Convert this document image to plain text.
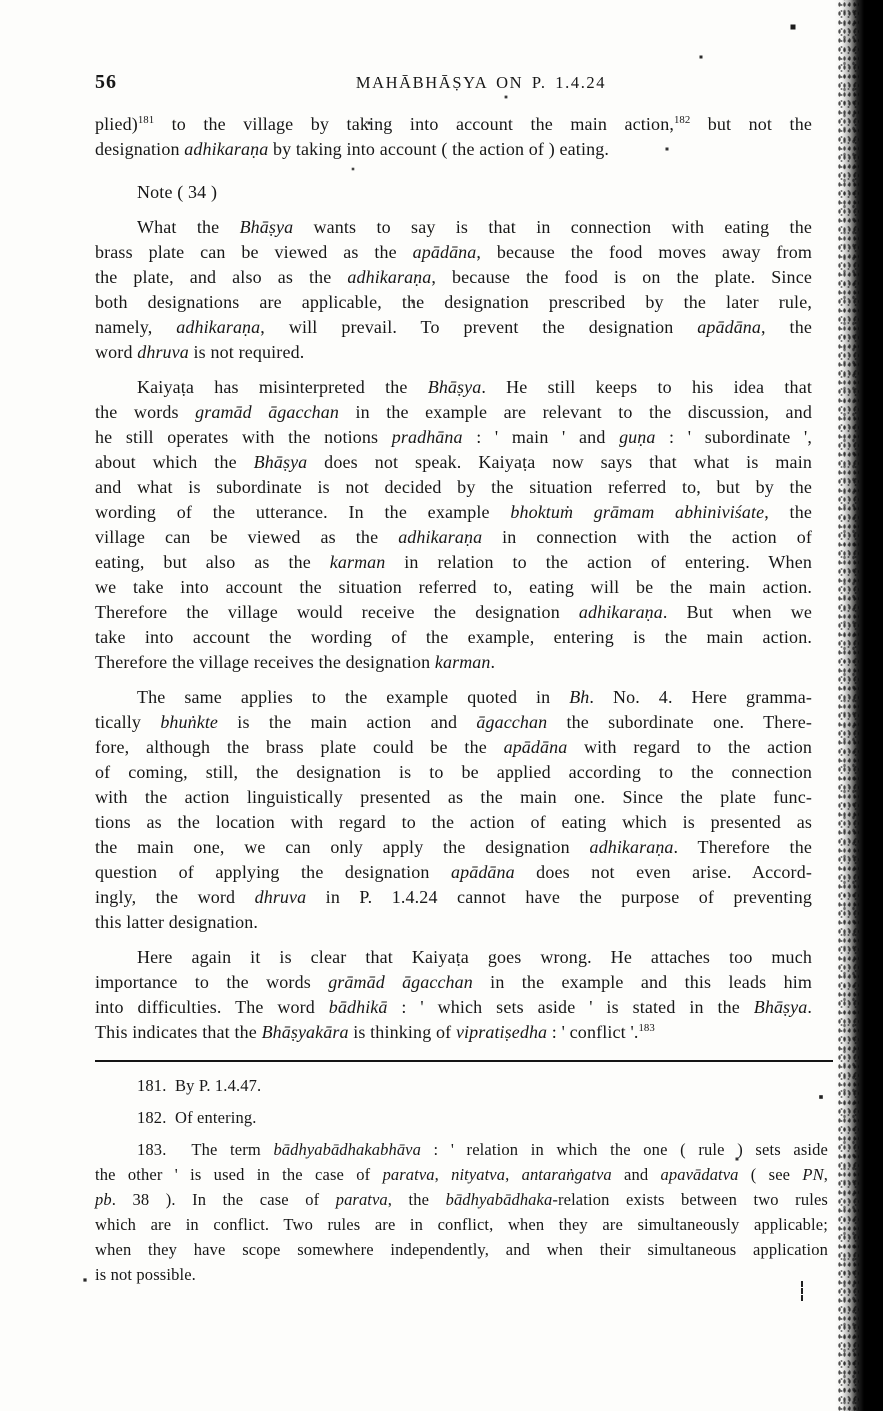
56	MAHĀBHĀṢYA ON P. 1.4.24
plied)$^{181}$ to the village by taking into account the main action,$^{182}$ but not the
designation adhikaraṇa by taking into account ( the action of ) eating.
Note ( 34 )
What the Bhāṣya wants to say is that in connection with eating the
brass plate can be viewed as the apādāna, because the food moves away from
the plate, and also as the adhikaraṇa, because the food is on the plate. Since
both designations are applicable, the designation prescribed by the later rule,
namely, adhikaraṇa, will prevail. To prevent the designation apādāna, the
word dhruva is not required.
Kaiyaṭa has misinterpreted the Bhāṣya. He still keeps to his idea that
the words gramād āgacchan in the example are relevant to the discussion, and
he still operates with the notions pradhāna : ' main ' and guṇa : ' subordinate ',
about which the Bhāṣya does not speak. Kaiyaṭa now says that what is main
and what is subordinate is not decided by the situation referred to, but by the
wording of the utterance. In the example bhoktuṁ grāmam abhiniviśate, the
village can be viewed as the adhikaraṇa in connection with the action of
eating, but also as the karman in relation to the action of entering. When
we take into account the situation referred to, eating will be the main action.
Therefore the village would receive the designation adhikaraṇa. But when we
take into account the wording of the example, entering is the main action.
Therefore the village receives the designation karman.
The same applies to the example quoted in Bh. No. 4. Here gramma-
tically bhuṅkte is the main action and āgacchan the subordinate one. There-
fore, although the brass plate could be the apādāna with regard to the action
of coming, still, the designation is to be applied according to the connection
with the action linguistically presented as the main one. Since the plate func-
tions as the location with regard to the action of eating which is presented as
the main one, we can only apply the designation adhikaraṇa. Therefore the
question of applying the designation apādāna does not even arise. Accord-
ingly, the word dhruva in P. 1.4.24 cannot have the purpose of preventing
this latter designation.
Here again it is clear that Kaiyaṭa goes wrong. He attaches too much
importance to the words grāmād āgacchan in the example and this leads him
into difficulties. The word bādhikā : ' which sets aside ' is stated in the Bhāṣya.
This indicates that the Bhāṣyakāra is thinking of vipratiṣedha : ' conflict '.$^{183}$
181.  By P. 1.4.47.
182.  Of entering.
183.  The term bādhyabādhakabhāva : ' relation in which the one ( rule ) sets aside
the other ' is used in the case of paratva, nityatva, antaraṅgatva and apavādatva ( see PN,
pb. 38 ). In the case of paratva, the bādhyabādhaka-relation exists between two rules
which are in conflict. Two rules are in conflict, when they are simultaneously applicable;
when they have scope somewhere independently, and when their simultaneous application
is not possible.
